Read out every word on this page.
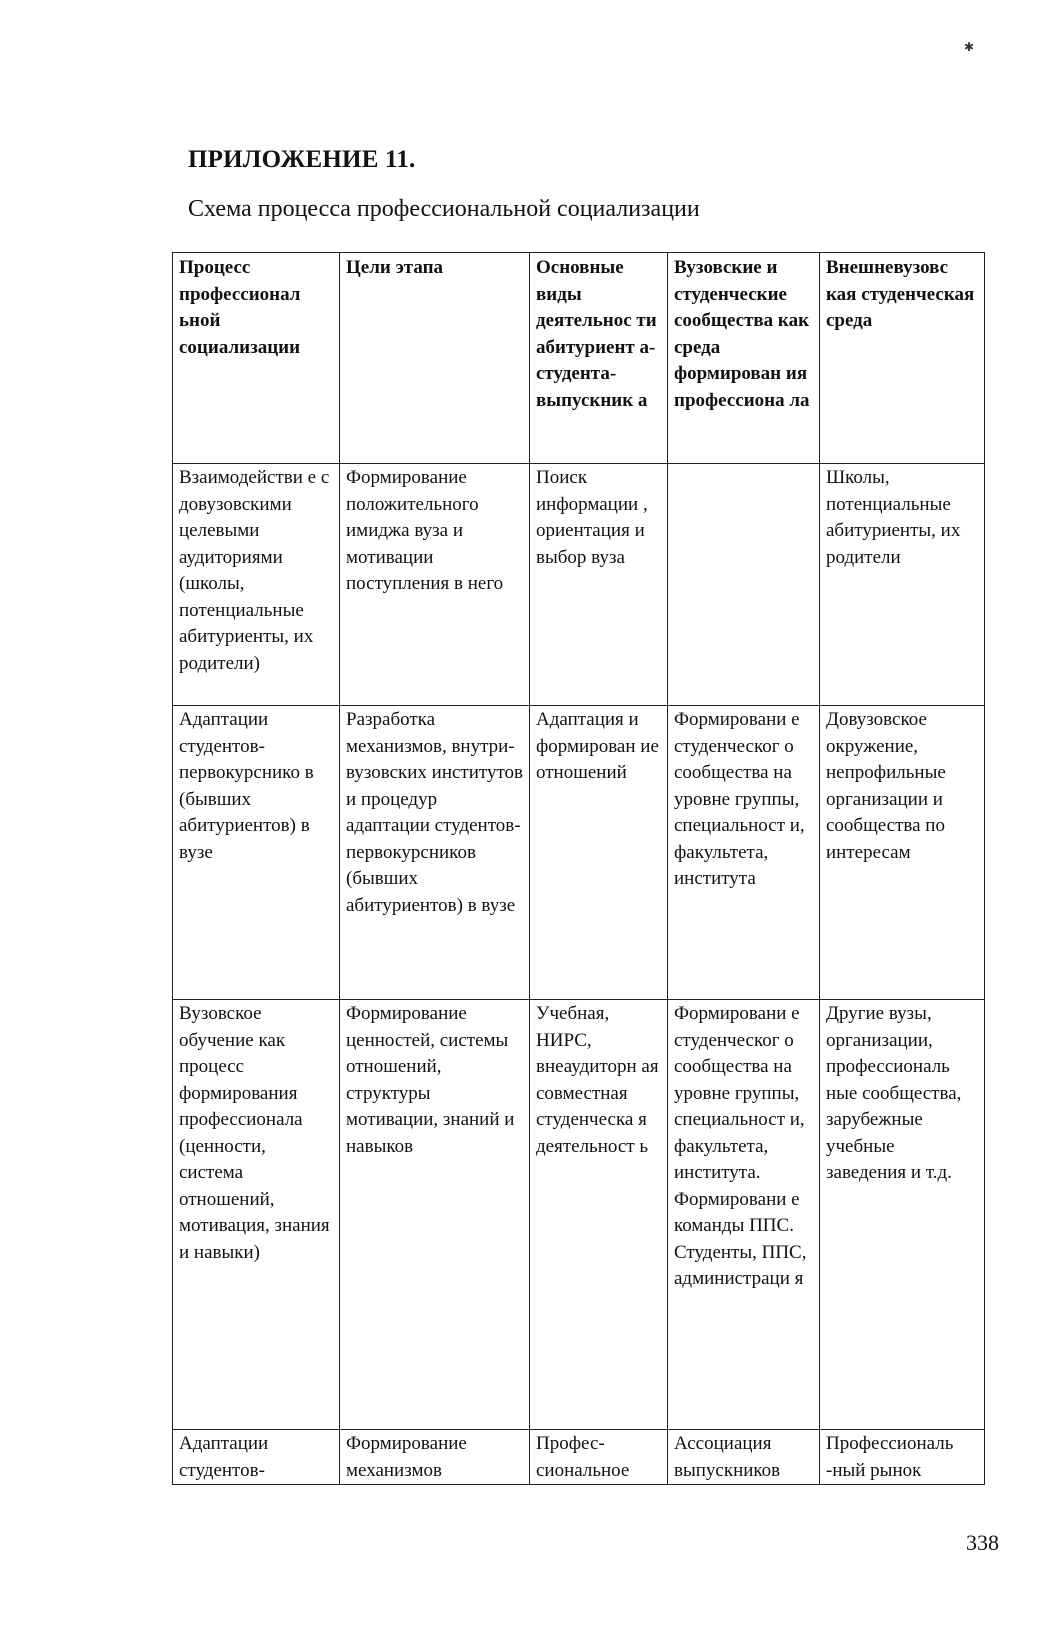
ПРИЛОЖЕНИЕ 11.
Схема процесса профессиональной социализации
Процесс профессионал ьной социализации	Цели этапа	Основные виды деятельнос ти абитуриент а-студента-выпускник а	Вузовские и студенческие сообщества как среда формирован ия профессиона ла	Внешневузовс кая студенческая среда
Взаимодействи е с довузовскими целевыми аудиториями (школы, потенциальные абитуриенты, их родители)	Формирование положительного имиджа вуза и мотивации поступления в него	Поиск информации , ориентация и выбор вуза		Школы, потенциальные абитуриенты, их родители
Адаптации студентов-первокурснико в (бывших абитуриентов) в вузе	Разработка механизмов, внутри-вузовских институтов и процедур адаптации студентов-первокурсников (бывших абитуриентов) в вузе	Адаптация и формирован ие отношений	Формировани е студенческог о сообщества на уровне группы, специальност и, факультета, института	Довузовское окружение, непрофильные организации и сообщества по интересам
Вузовское обучение как процесс формирования профессионала (ценности, система отношений, мотивация, знания и навыки)	Формирование ценностей, системы отношений, структуры мотивации, знаний и навыков	Учебная, НИРС, внеаудиторн ая совместная студенческа я деятельност ь	Формировани е студенческог о сообщества на уровне группы, специальност и, факультета, института. Формировани е команды ППС. Студенты, ППС, администраци я	Другие вузы, организации, профессиональ ные сообщества, зарубежные учебные заведения и т.д.
Адаптации студентов-	Формирование механизмов	Профес-сиональное	Ассоциация выпускников	Профессиональ -ный рынок
338
✱
